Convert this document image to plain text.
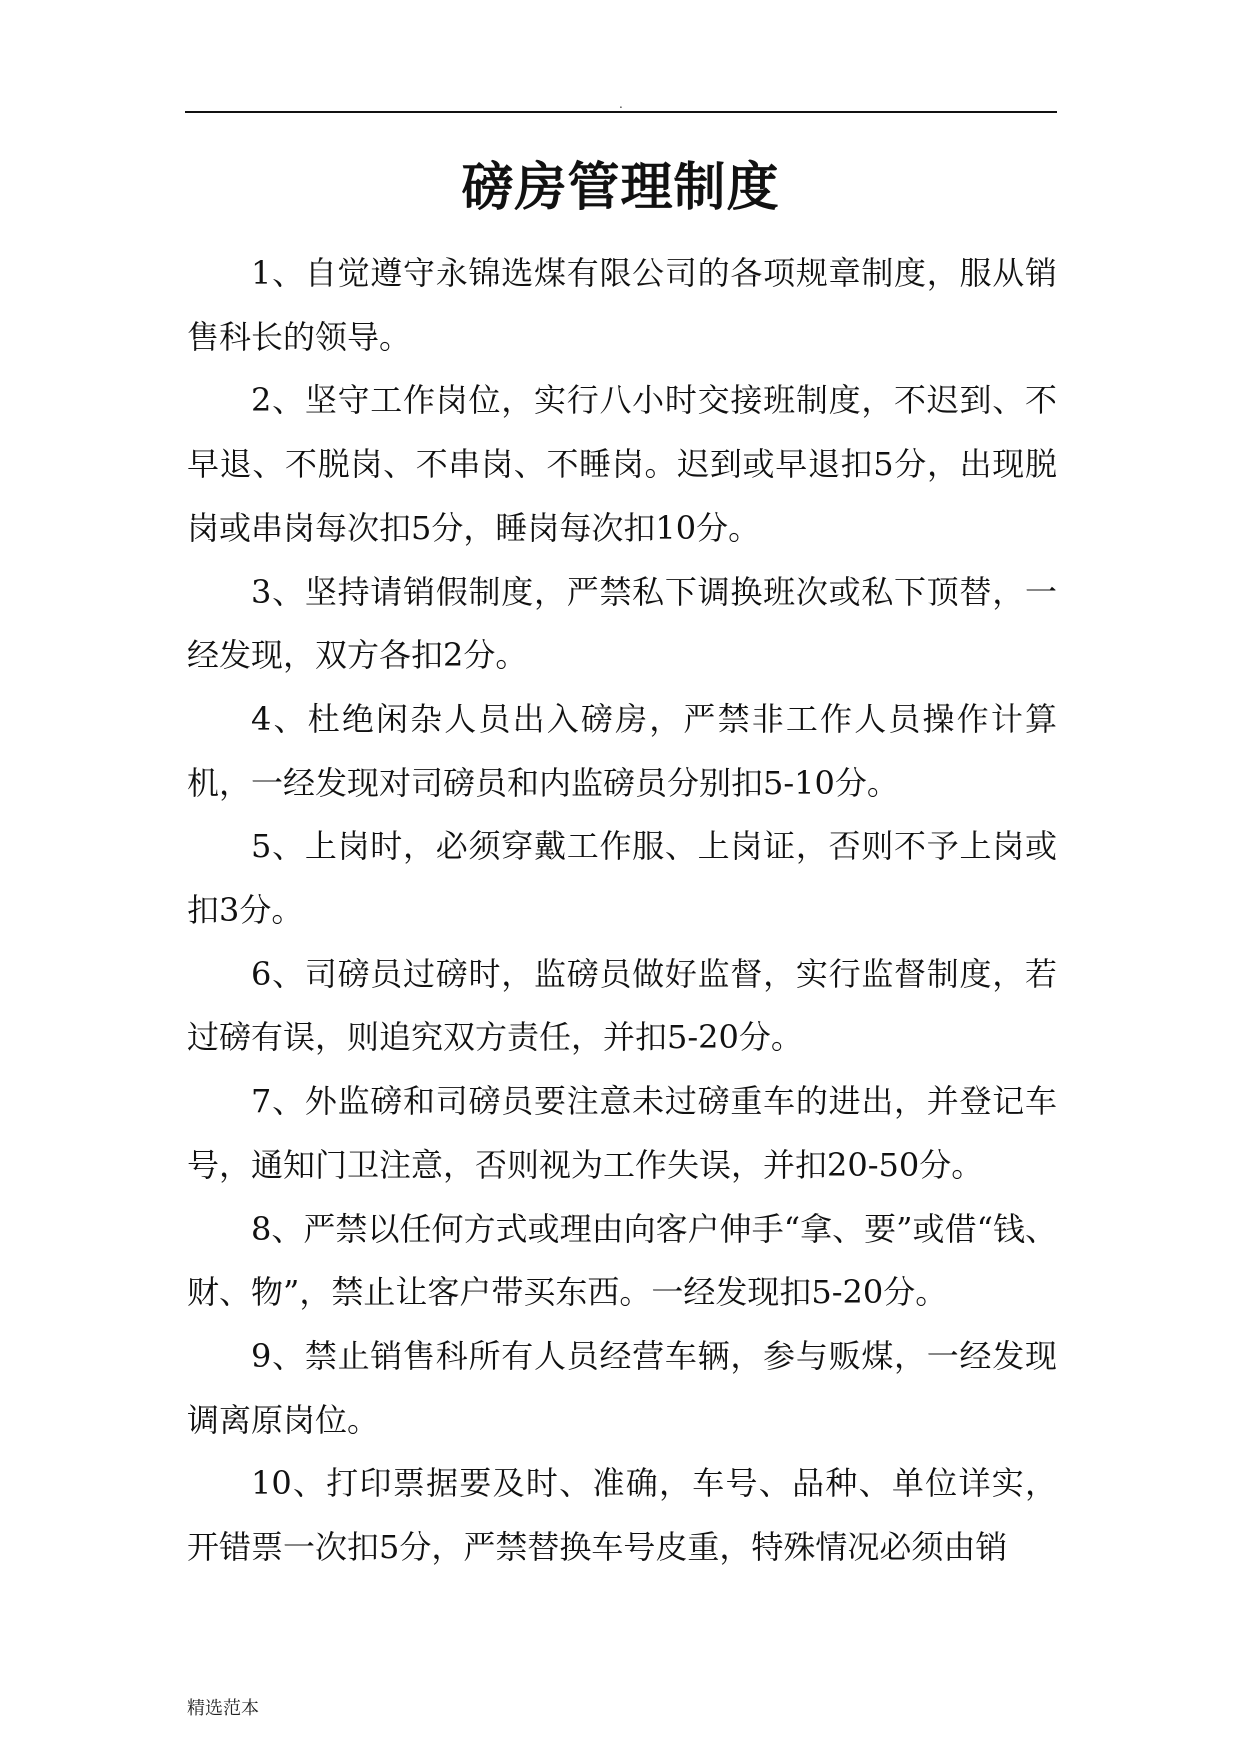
.
磅房管理制度

1、自觉遵守永锦选煤有限公司的各项规章制度，服从销售科长的领导。

2、坚守工作岗位，实行八小时交接班制度，不迟到、不早退、不脱岗、不串岗、不睡岗。迟到或早退扣5分，出现脱岗或串岗每次扣5分，睡岗每次扣10分。

3、坚持请销假制度，严禁私下调换班次或私下顶替，一经发现，双方各扣2分。

4、杜绝闲杂人员出入磅房，严禁非工作人员操作计算机，一经发现对司磅员和内监磅员分别扣5-10分。

5、上岗时，必须穿戴工作服、上岗证，否则不予上岗或扣3分。

6、司磅员过磅时，监磅员做好监督，实行监督制度，若过磅有误，则追究双方责任，并扣5-20分。

7、外监磅和司磅员要注意未过磅重车的进出，并登记车号，通知门卫注意，否则视为工作失误，并扣20-50分。

8、严禁以任何方式或理由向客户伸手“拿、要”或借“钱、财、物”，禁止让客户带买东西。一经发现扣5-20分。

9、禁止销售科所有人员经营车辆，参与贩煤，一经发现调离原岗位。

10、打印票据要及时、准确，车号、品种、单位详实，开错票一次扣5分，严禁替换车号皮重，特殊情况必须由销

精选范本
